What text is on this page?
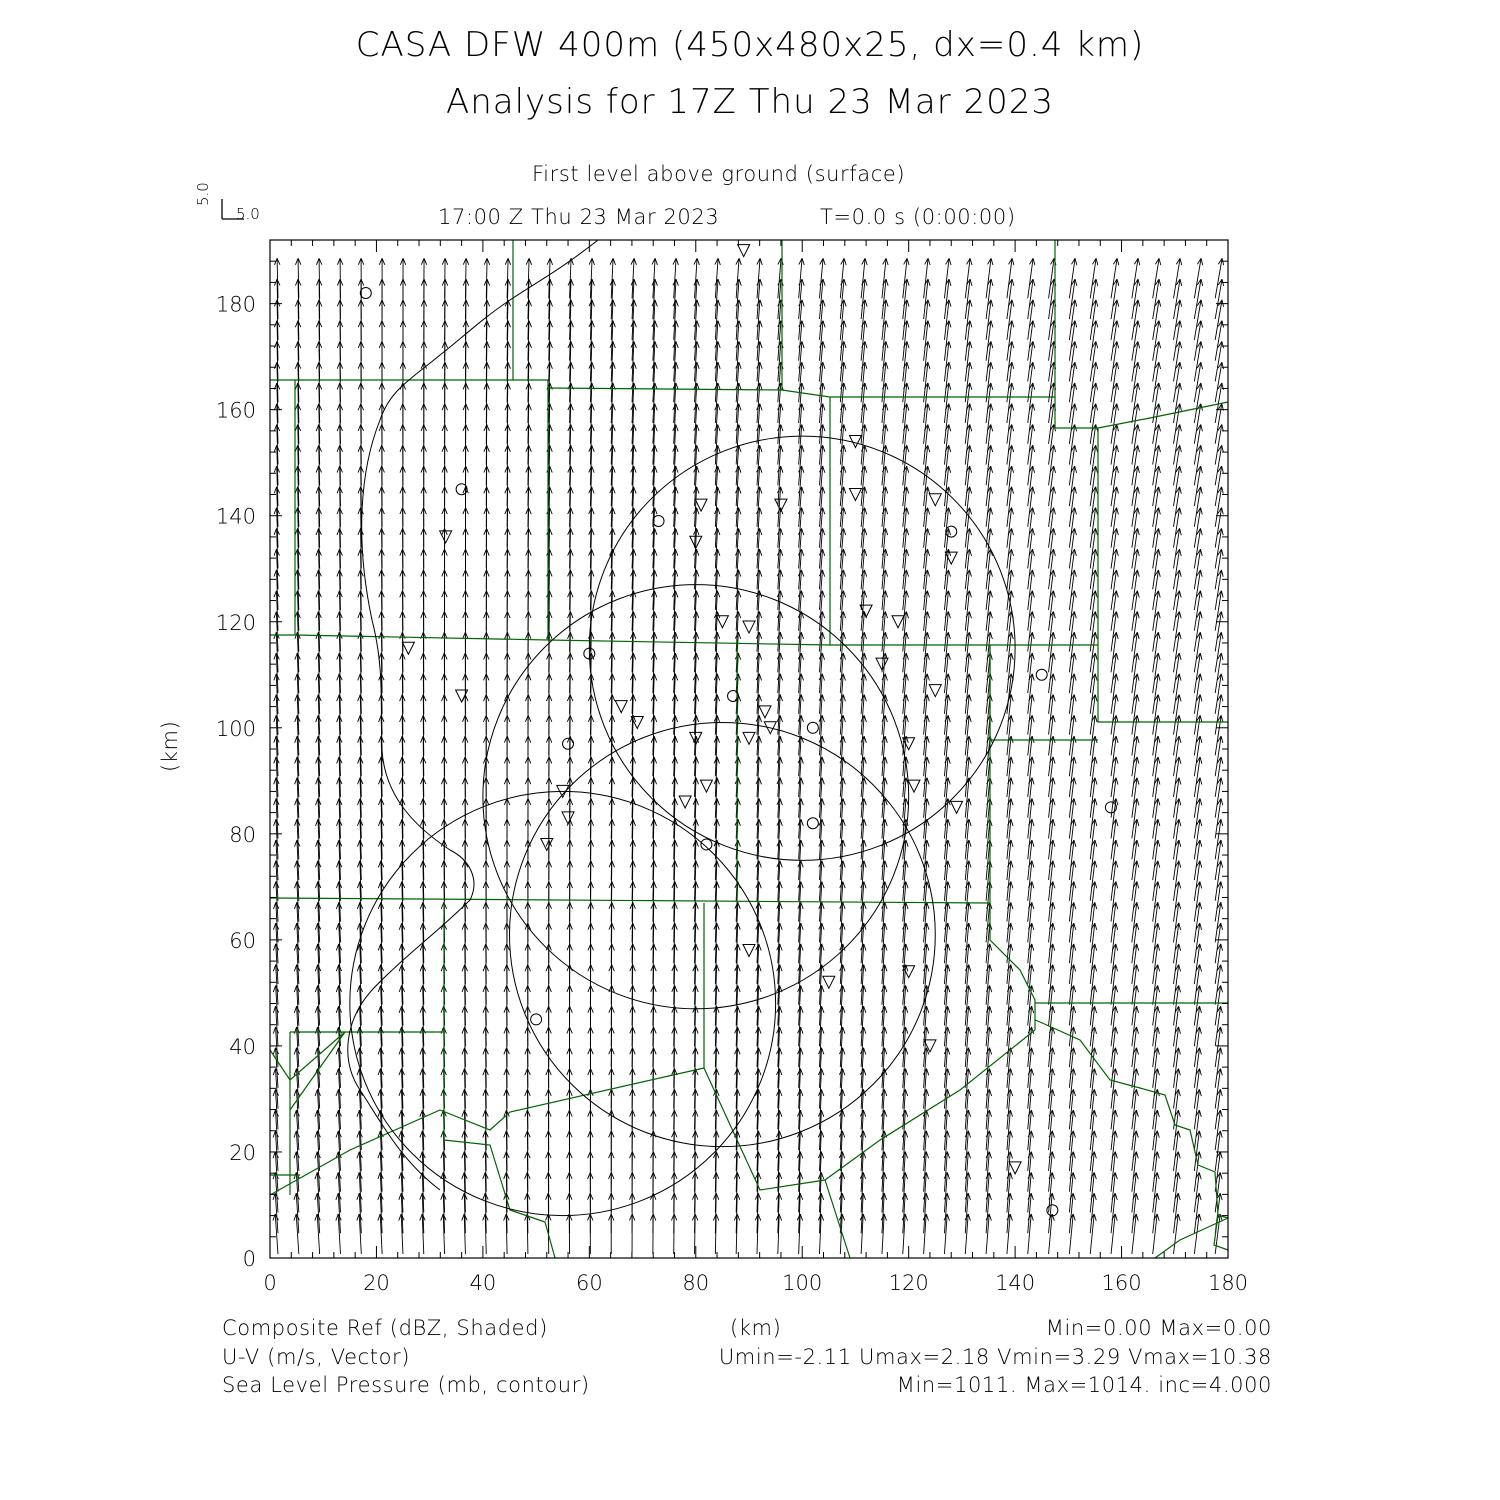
CASA DFW 400m (450x480x25, dx=0.4 km)
Analysis for 17Z Thu 23 Mar 2023
First level above ground (surface)
17:00 Z Thu 23 Mar 2023	T=0.0 s (0:00:00)
5.0
5.0
0	20	40	60	80	100	120	140	160	180
0
20
40
60
80
100
120
140
160
180
(km)
(km)
Composite Ref (dBZ, Shaded)	Min=0.00 Max=0.00
U-V (m/s, Vector)	Umin=-2.11 Umax=2.18 Vmin=3.29 Vmax=10.38
Sea Level Pressure (mb, contour)	Min=1011. Max=1014. inc=4.000
